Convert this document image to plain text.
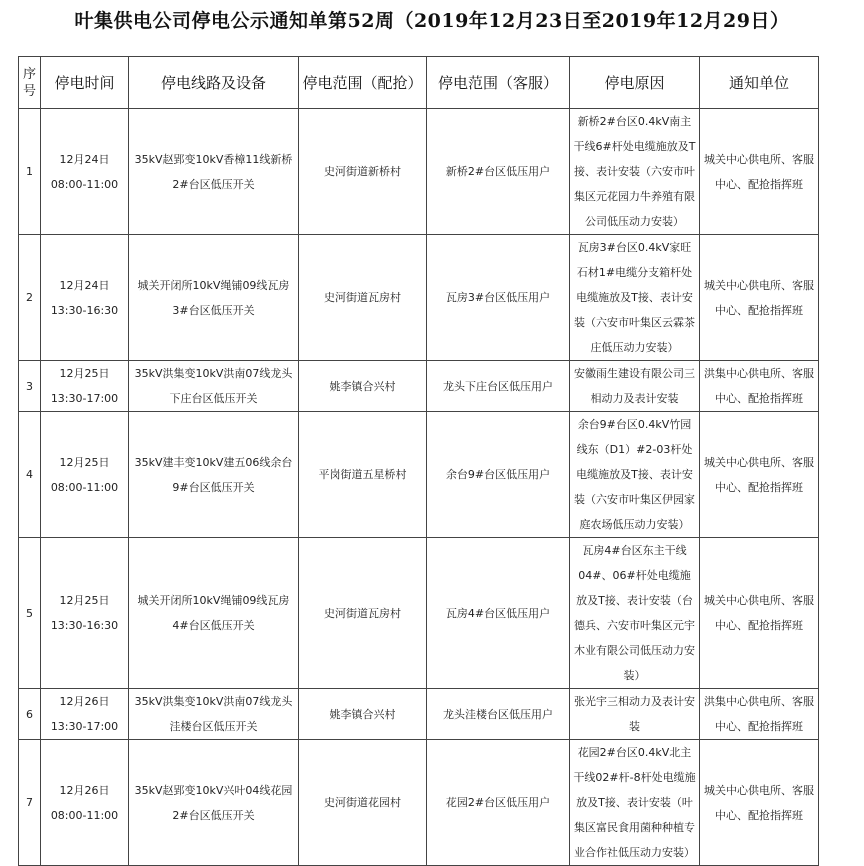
叶集供电公司停电公示通知单第52周（2019年12月23日至2019年12月29日）
序号	停电时间	停电线路及设备	停电范围（配抢）	停电范围（客服）	停电原因	通知单位
1	12月24日08:00-11:00	35kV赵郢变10kV香樟11线新桥2#台区低压开关	史河街道新桥村	新桥2#台区低压用户	新桥2#台区0.4kV南主干线6#杆处电缆施放及T接、表计安装（六安市叶集区元花园力牛养殖有限公司低压动力安装）	城关中心供电所、客服中心、配抢指挥班
2	12月24日13:30-16:30	城关开闭所10kV绳铺09线瓦房3#台区低压开关	史河街道瓦房村	瓦房3#台区低压用户	瓦房3#台区0.4kV家旺石材1#电缆分支箱杆处电缆施放及T接、表计安装（六安市叶集区云霖茶庄低压动力安装）	城关中心供电所、客服中心、配抢指挥班
3	12月25日13:30-17:00	35kV洪集变10kV洪南07线龙头下庄台区低压开关	姚李镇合兴村	龙头下庄台区低压用户	安徽雨生建设有限公司三相动力及表计安装	洪集中心供电所、客服中心、配抢指挥班
4	12月25日08:00-11:00	35kV建丰变10kV建五06线余台9#台区低压开关	平岗街道五星桥村	余台9#台区低压用户	余台9#台区0.4kV竹园线东（D1）#2-03杆处电缆施放及T接、表计安装（六安市叶集区伊园家庭农场低压动力安装）	城关中心供电所、客服中心、配抢指挥班
5	12月25日13:30-16:30	城关开闭所10kV绳铺09线瓦房4#台区低压开关	史河街道瓦房村	瓦房4#台区低压用户	瓦房4#台区东主干线04#、06#杆处电缆施放及T接、表计安装（台德兵、六安市叶集区元宇木业有限公司低压动力安装）	城关中心供电所、客服中心、配抢指挥班
6	12月26日13:30-17:00	35kV洪集变10kV洪南07线龙头洼楼台区低压开关	姚李镇合兴村	龙头洼楼台区低压用户	张光宇三相动力及表计安装	洪集中心供电所、客服中心、配抢指挥班
7	12月26日08:00-11:00	35kV赵郢变10kV兴叶04线花园2#台区低压开关	史河街道花园村	花园2#台区低压用户	花园2#台区0.4kV北主干线02#杆-8杆处电缆施放及T接、表计安装（叶集区富民食用菌种种植专业合作社低压动力安装）	城关中心供电所、客服中心、配抢指挥班
